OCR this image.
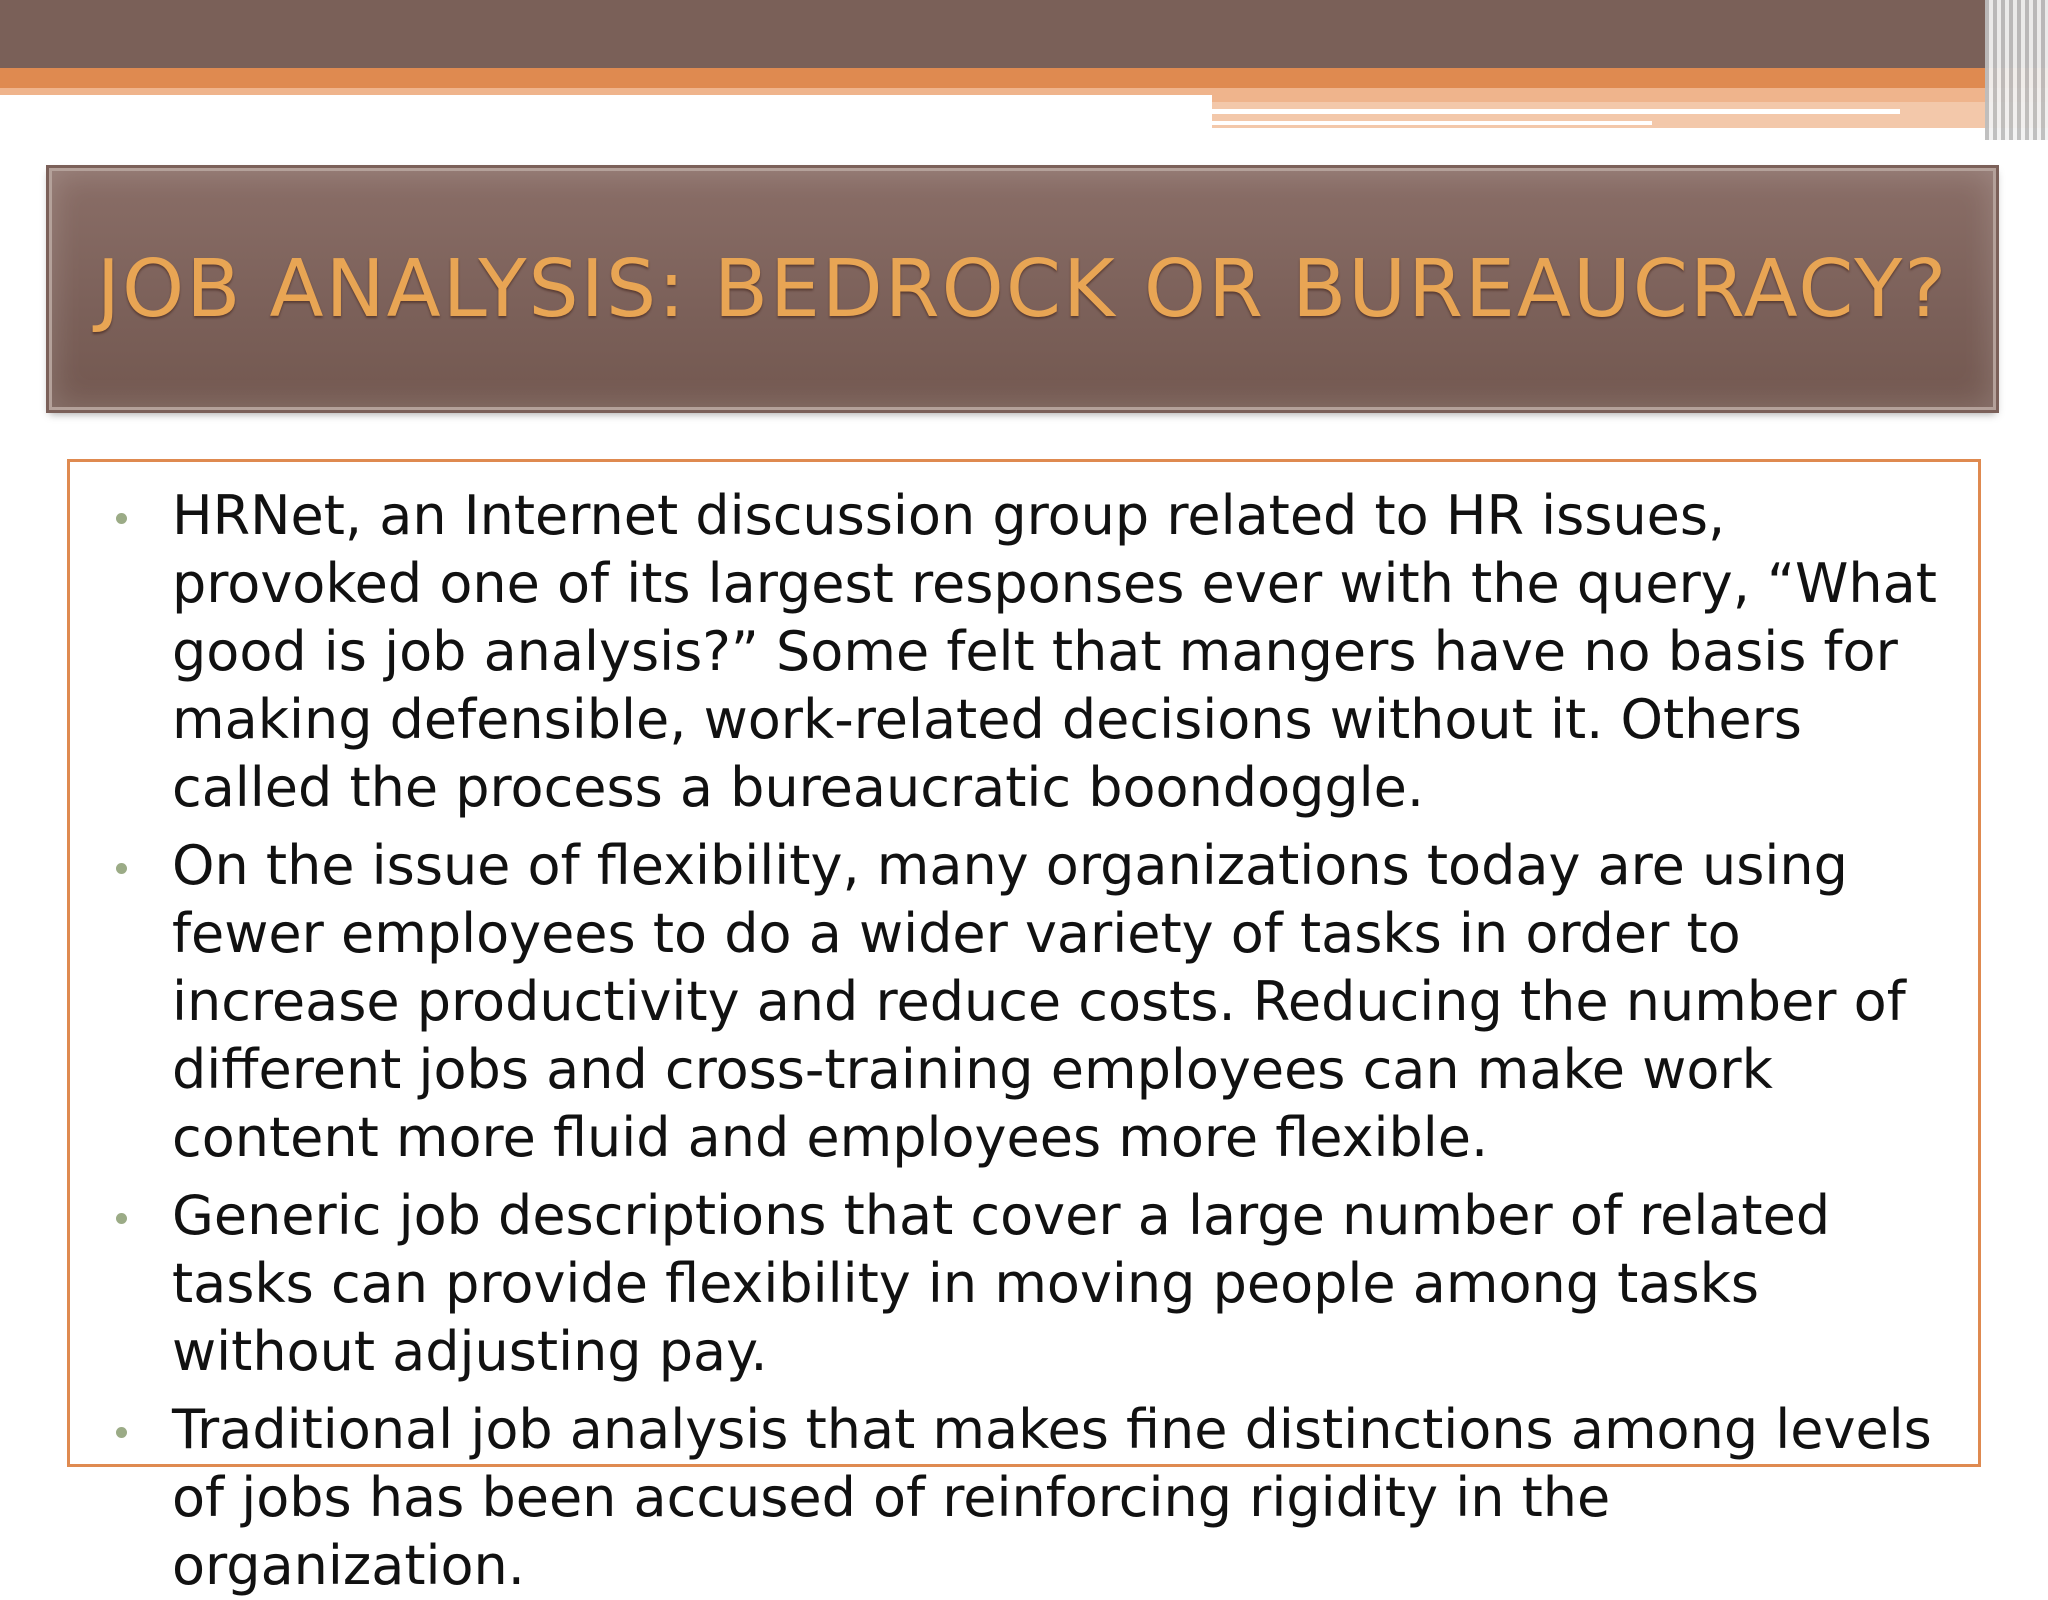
JOB ANALYSIS: BEDROCK OR BUREAUCRACY?
HRNet, an Internet discussion group related to HR issues, provoked one of its largest responses ever with the query, “What good is job analysis?” Some felt that mangers have no basis for making defensible, work-related decisions without it. Others called the process a bureaucratic boondoggle.
On the issue of flexibility, many organizations today are using fewer employees to do a wider variety of tasks in order to increase productivity and reduce costs. Reducing the number of different jobs and cross-training employees can make work content more fluid and employees more flexible.
Generic job descriptions that cover a large number of related tasks can provide flexibility in moving people among tasks without adjusting pay.
Traditional job analysis that makes fine distinctions among levels of jobs has been accused of reinforcing rigidity in the organization.
